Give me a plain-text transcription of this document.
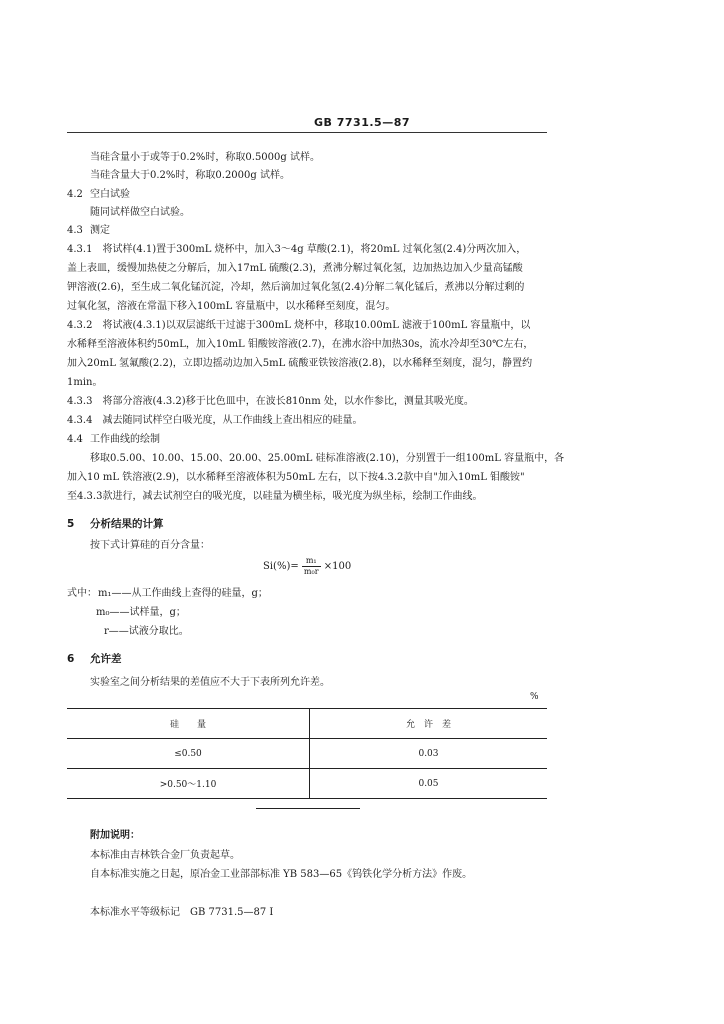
GB 7731.5—87
当硅含量小于或等于0.2%时，称取0.5000g 试样。
当硅含量大于0.2%时，称取0.2000g 试样。
4.2 空白试验
随同试样做空白试验。
4.3 测定
4.3.1　将试样(4.1)置于300mL 烧杯中，加入3～4g 草酸(2.1)，将20mL 过氧化氢(2.4)分两次加入，
盖上表皿，缓慢加热使之分解后，加入17mL 硫酸(2.3)，煮沸分解过氧化氢，边加热边加入少量高锰酸
钾溶液(2.6)，至生成二氧化锰沉淀，冷却，然后滴加过氧化氢(2.4)分解二氧化锰后，煮沸以分解过剩的
过氧化氢，溶液在常温下移入100mL 容量瓶中，以水稀释至刻度，混匀。
4.3.2　将试液(4.3.1)以双层滤纸干过滤于300mL 烧杯中，移取10.00mL 滤液于100mL 容量瓶中，以
水稀释至溶液体积约50mL，加入10mL 钼酸铵溶液(2.7)，在沸水浴中加热30s，流水冷却至30℃左右，
加入20mL 氢氟酸(2.2)，立即边摇动边加入5mL 硫酸亚铁铵溶液(2.8)，以水稀释至刻度，混匀，静置约
1min。
4.3.3　将部分溶液(4.3.2)移于比色皿中，在波长810nm 处，以水作参比，测量其吸光度。
4.3.4　减去随同试样空白吸光度，从工作曲线上查出相应的硅量。
4.4 工作曲线的绘制
移取0.5.00、10.00、15.00、20.00、25.00mL 硅标准溶液(2.10)，分别置于一组100mL 容量瓶中，各
加入10 mL 铁溶液(2.9)，以水稀释至溶液体积为50mL 左右，以下按4.3.2款中自"加入10mL 钼酸铵"
至4.3.3款进行，减去试剂空白的吸光度，以硅量为横坐标，吸光度为纵坐标，绘制工作曲线。
5 分析结果的计算
按下式计算硅的百分含量：
$Si(\%)= \frac{\text{m₁}}{\text{m₀r}} \times 100$
式中： m₁——从工作曲线上查得的硅量，g；
m₀——试样量，g；
r——试液分取比。
6 允许差
实验室之间分析结果的差值应不大于下表所列允许差。
%
硅　　量	允　许　差
≤0.50	0.03
>0.50～1.10	0.05
附加说明：
本标准由吉林铁合金厂负责起草。
自本标准实施之日起，原冶金工业部部标准 YB 583—65《钨铁化学分析方法》作废。
本标准水平等级标记　GB 7731.5—87 Ⅰ
